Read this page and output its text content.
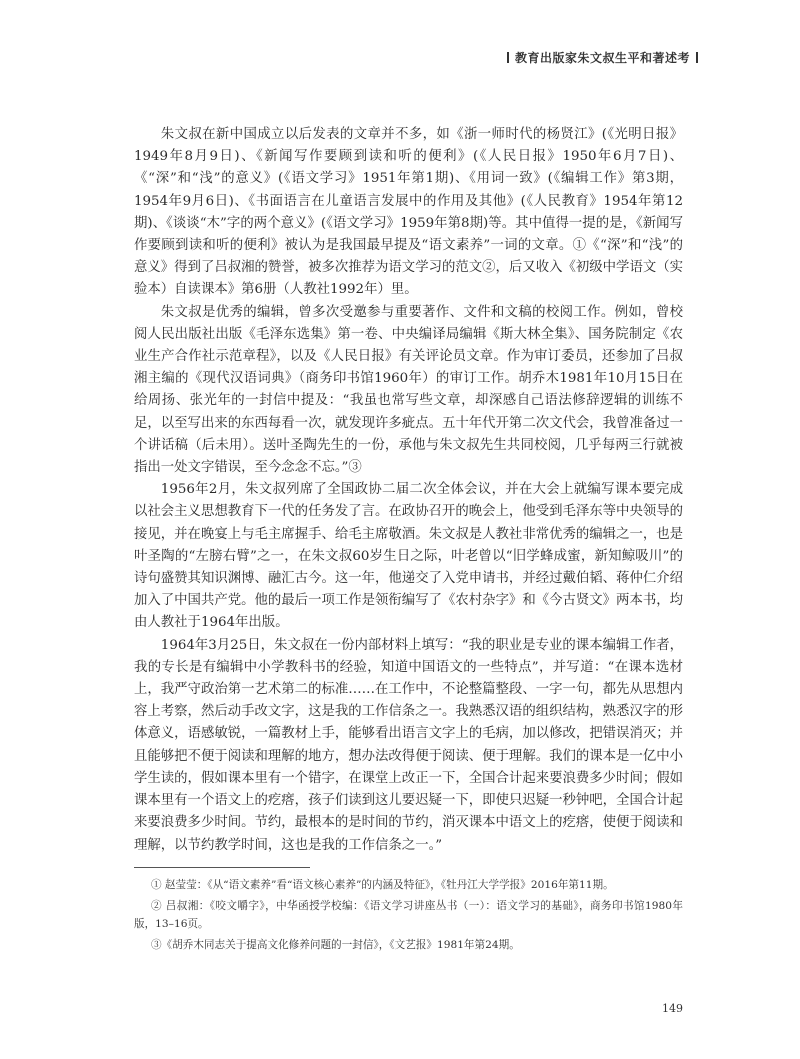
教育出版家朱文叔生平和著述考

朱文叔在新中国成立以后发表的文章并不多，如《浙一师时代的杨贤江》(《光明日报》1949年8月9日)、《新闻写作要顾到读和听的便利》(《人民日报》1950年6月7日)、《“深”和“浅”的意义》(《语文学习》1951年第1期)、《用词一致》(《编辑工作》第3期，1954年9月6日)、《书面语言在儿童语言发展中的作用及其他》(《人民教育》1954年第12期)、《谈谈“木”字的两个意义》(《语文学习》1959年第8期)等。其中值得一提的是，《新闻写作要顾到读和听的便利》被认为是我国最早提及“语文素养”一词的文章。①《“深”和“浅”的意义》得到了吕叔湘的赞誉，被多次推荐为语文学习的范文②，后又收入《初级中学语文（实验本）自读课本》第6册（人教社1992年）里。

朱文叔是优秀的编辑，曾多次受邀参与重要著作、文件和文稿的校阅工作。例如，曾校阅人民出版社出版《毛泽东选集》第一卷、中央编译局编辑《斯大林全集》、国务院制定《农业生产合作社示范章程》，以及《人民日报》有关评论员文章。作为审订委员，还参加了吕叔湘主编的《现代汉语词典》（商务印书馆1960年）的审订工作。胡乔木1981年10月15日在给周扬、张光年的一封信中提及：“我虽也常写些文章，却深感自己语法修辞逻辑的训练不足，以至写出来的东西每看一次，就发现许多疵点。五十年代开第二次文代会，我曾准备过一个讲话稿（后未用）。送叶圣陶先生的一份，承他与朱文叔先生共同校阅，几乎每两三行就被指出一处文字错误，至今念念不忘。”③

1956年2月，朱文叔列席了全国政协二届二次全体会议，并在大会上就编写课本要完成以社会主义思想教育下一代的任务发了言。在政协召开的晚会上，他受到毛泽东等中央领导的接见，并在晚宴上与毛主席握手、给毛主席敬酒。朱文叔是人教社非常优秀的编辑之一，也是叶圣陶的“左膀右臂”之一，在朱文叔60岁生日之际，叶老曾以“旧学蜂成蜜，新知鲸吸川”的诗句盛赞其知识渊博、融汇古今。这一年，他递交了入党申请书，并经过戴伯韬、蒋仲仁介绍加入了中国共产党。他的最后一项工作是领衔编写了《农村杂字》和《今古贤文》两本书，均由人教社于1964年出版。

1964年3月25日，朱文叔在一份内部材料上填写：“我的职业是专业的课本编辑工作者，我的专长是有编辑中小学教科书的经验，知道中国语文的一些特点”，并写道：“在课本选材上，我严守政治第一艺术第二的标准……在工作中，不论整篇整段、一字一句，都先从思想内容上考察，然后动手改文字，这是我的工作信条之一。我熟悉汉语的组织结构，熟悉汉字的形体意义，语感敏锐，一篇教材上手，能够看出语言文字上的毛病，加以修改，把错误消灭；并且能够把不便于阅读和理解的地方，想办法改得便于阅读、便于理解。我们的课本是一亿中小学生读的，假如课本里有一个错字，在课堂上改正一下，全国合计起来要浪费多少时间；假如课本里有一个语文上的疙瘩，孩子们读到这儿要迟疑一下，即使只迟疑一秒钟吧，全国合计起来要浪费多少时间。节约，最根本的是时间的节约，消灭课本中语文上的疙瘩，使便于阅读和理解，以节约教学时间，这也是我的工作信条之一。”

① 赵莹莹：《从“语文素养”看“语文核心素养”的内涵及特征》，《牡丹江大学学报》2016年第11期。

② 吕叔湘：《咬文嚼字》，中华函授学校编：《语文学习讲座丛书（一）：语文学习的基础》，商务印书馆1980年版，13–16页。

③《胡乔木同志关于提高文化修养问题的一封信》，《文艺报》1981年第24期。

149
